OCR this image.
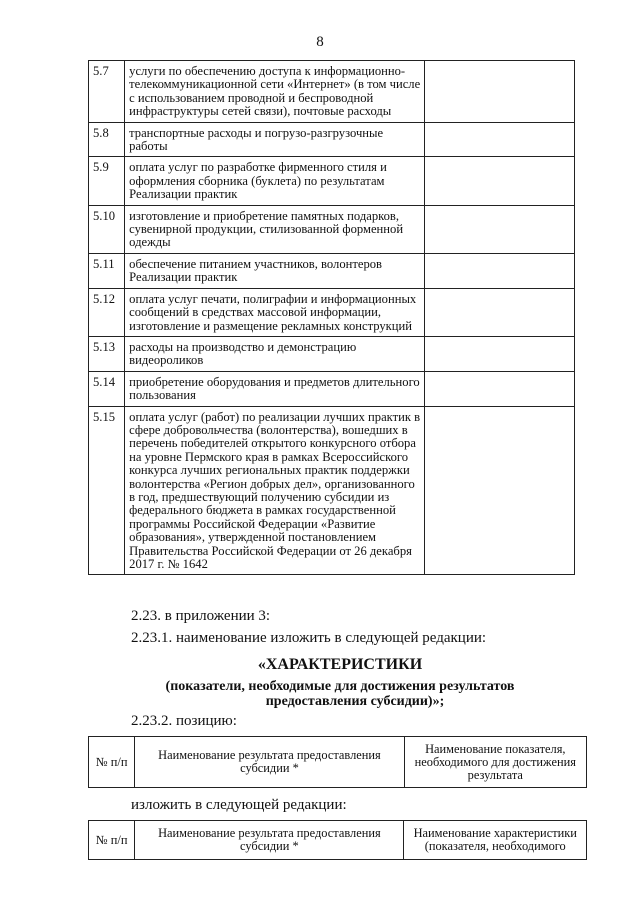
8
5.7	услуги по обеспечению доступа к информационно-телекоммуникационной сети «Интернет» (в том числе с использованием проводной и беспроводной инфраструктуры сетей связи), почтовые расходы	
5.8	транспортные расходы и погрузо-разгрузочные работы	
5.9	оплата услуг по разработке фирменного стиля и оформления сборника (буклета) по результатам Реализации практик	
5.10	изготовление и приобретение памятных подарков, сувенирной продукции, стилизованной форменной одежды	
5.11	обеспечение питанием участников, волонтеров Реализации практик	
5.12	оплата услуг печати, полиграфии и информационных сообщений в средствах массовой информации, изготовление и размещение рекламных конструкций	
5.13	расходы на производство и демонстрацию видеороликов	
5.14	приобретение оборудования и предметов длительного пользования	
5.15	оплата услуг (работ) по реализации лучших практик в сфере добровольчества (волонтерства), вошедших в перечень победителей открытого конкурсного отбора на уровне Пермского края в рамках Всероссийского конкурса лучших региональных практик поддержки волонтерства «Регион добрых дел», организованного в год, предшествующий получению субсидии из федерального бюджета в рамках государственной программы Российской Федерации «Развитие образования», утвержденной постановлением Правительства Российской Федерации от 26 декабря 2017 г. № 1642	
2.23. в приложении 3:
2.23.1. наименование изложить в следующей редакции:
«ХАРАКТЕРИСТИКИ
(показатели, необходимые для достижения результатов
предоставления субсидии)»;
2.23.2. позицию:
№ п/п	Наименование результата предоставления субсидии *	Наименование показателя, необходимого для достижения результата
изложить в следующей редакции:
№ п/п	Наименование результата предоставления субсидии *	Наименование характеристики (показателя, необходимого
